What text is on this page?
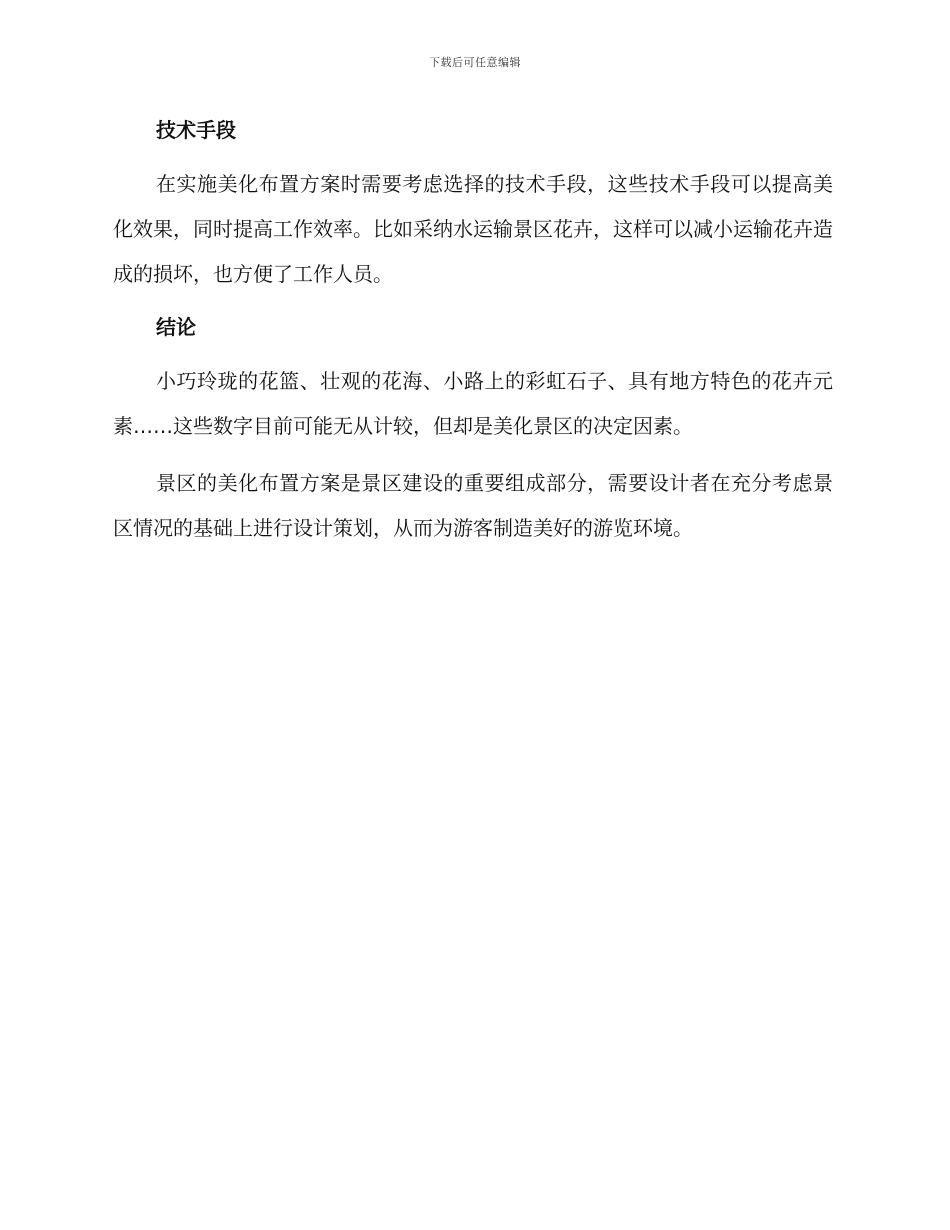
下载后可任意编辑
技术手段

在实施美化布置方案时需要考虑选择的技术手段，这些技术手段可以提高美化效果，同时提高工作效率。比如采纳水运输景区花卉，这样可以减小运输花卉造成的损坏，也方便了工作人员。

结论

小巧玲珑的花篮、壮观的花海、小路上的彩虹石子、具有地方特色的花卉元素……这些数字目前可能无从计较，但却是美化景区的决定因素。

景区的美化布置方案是景区建设的重要组成部分，需要设计者在充分考虑景区情况的基础上进行设计策划，从而为游客制造美好的游览环境。
